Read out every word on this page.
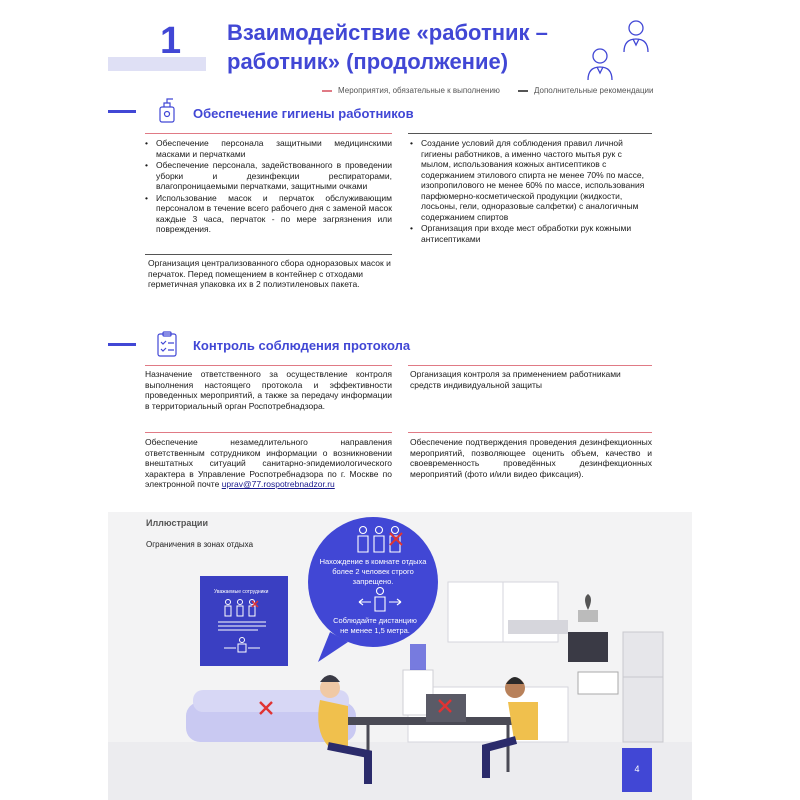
1 Взаимодействие «работник –
работник» (продолжение)
Мероприятия, обязательные к выполнению	Дополнительные рекомендации
Обеспечение гигиены работников
• Обеспечение персонала защитными медицинскими масками и перчатками
• Обеспечение персонала, задействованного в проведении уборки и дезинфекции респираторами, влагопроницаемыми перчатками, защитными очками
• Использование масок и перчаток обслуживающим персоналом в течение всего рабочего дня с заменой масок каждые 3 часа, перчаток - по мере загрязнения или повреждения.
Организация централизованного сбора одноразовых масок и перчаток. Перед помещением в контейнер с отходами герметичная упаковка их в 2 полиэтиленовых пакета.
• Создание условий для соблюдения правил личной гигиены работников, а именно частого мытья рук с мылом, использования кожных антисептиков с содержанием этилового спирта не менее 70% по массе, изопропилового не менее 60% по массе, использования парфюмерно-косметической продукции (жидкости, лосьоны, гели, одноразовые салфетки) с аналогичным содержанием спиртов
• Организация при входе мест обработки рук кожными антисептиками
Контроль соблюдения протокола
Назначение ответственного за осуществление контроля выполнения настоящего протокола и эффективности проведенных мероприятий, а также за передачу информации в территориальный орган Роспотребнадзора.
Обеспечение незамедлительного направления ответственным сотрудником информации о возникновении внештатных ситуаций санитарно-эпидемиологического характера в Управление Роспотребнадзора по г. Москве по электронной почте uprav@77.rospotrebnadzor.ru
Организация контроля за применением работниками средств индивидуальной защиты
Обеспечение подтверждения проведения дезинфекционных мероприятий, позволяющее оценить объем, качество и своевременность проведённых дезинфекционных мероприятий (фото и/или видео фиксация).
Уважаемые сотрудники
Нахождение в комнате отдыха более 2 человек строго запрещено.
Соблюдайте дистанцию не менее 1,5 метра.
Иллюстрации
Ограничения в зонах отдыха
4
